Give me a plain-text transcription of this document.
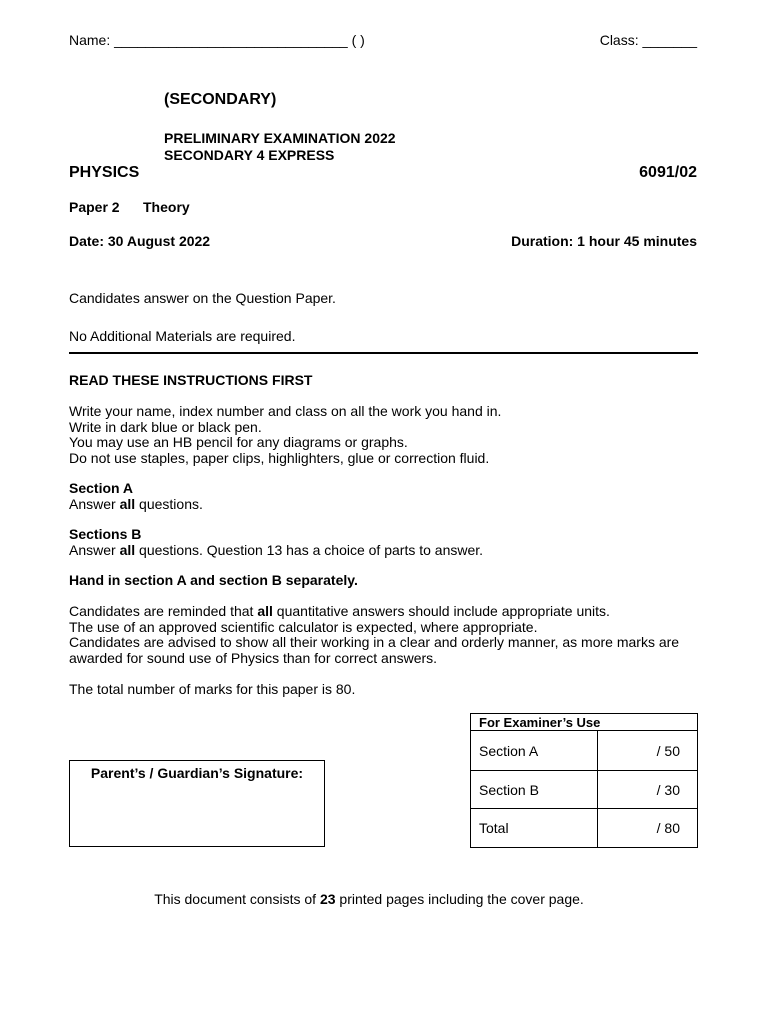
Name: ______________________________ ( )	Class: _______
(SECONDARY)
PRELIMINARY EXAMINATION 2022
SECONDARY 4 EXPRESS
PHYSICS	6091/02
Paper 2 Theory
Date: 30 August 2022	Duration: 1 hour 45 minutes
Candidates answer on the Question Paper.
No Additional Materials are required.
READ THESE INSTRUCTIONS FIRST
Write your name, index number and class on all the work you hand in.
Write in dark blue or black pen.
You may use an HB pencil for any diagrams or graphs.
Do not use staples, paper clips, highlighters, glue or correction fluid.
Section A
Answer all questions.
Sections B
Answer all questions. Question 13 has a choice of parts to answer.
Hand in section A and section B separately.
Candidates are reminded that all quantitative answers should include appropriate units.
The use of an approved scientific calculator is expected, where appropriate.
Candidates are advised to show all their working in a clear and orderly manner, as more marks are
awarded for sound use of Physics than for correct answers.
The total number of marks for this paper is 80.
Parent’s / Guardian’s Signature:
For Examiner’s Use	
Section A	/ 50
Section B	/ 30
Total	/ 80
This document consists of 23 printed pages including the cover page.
